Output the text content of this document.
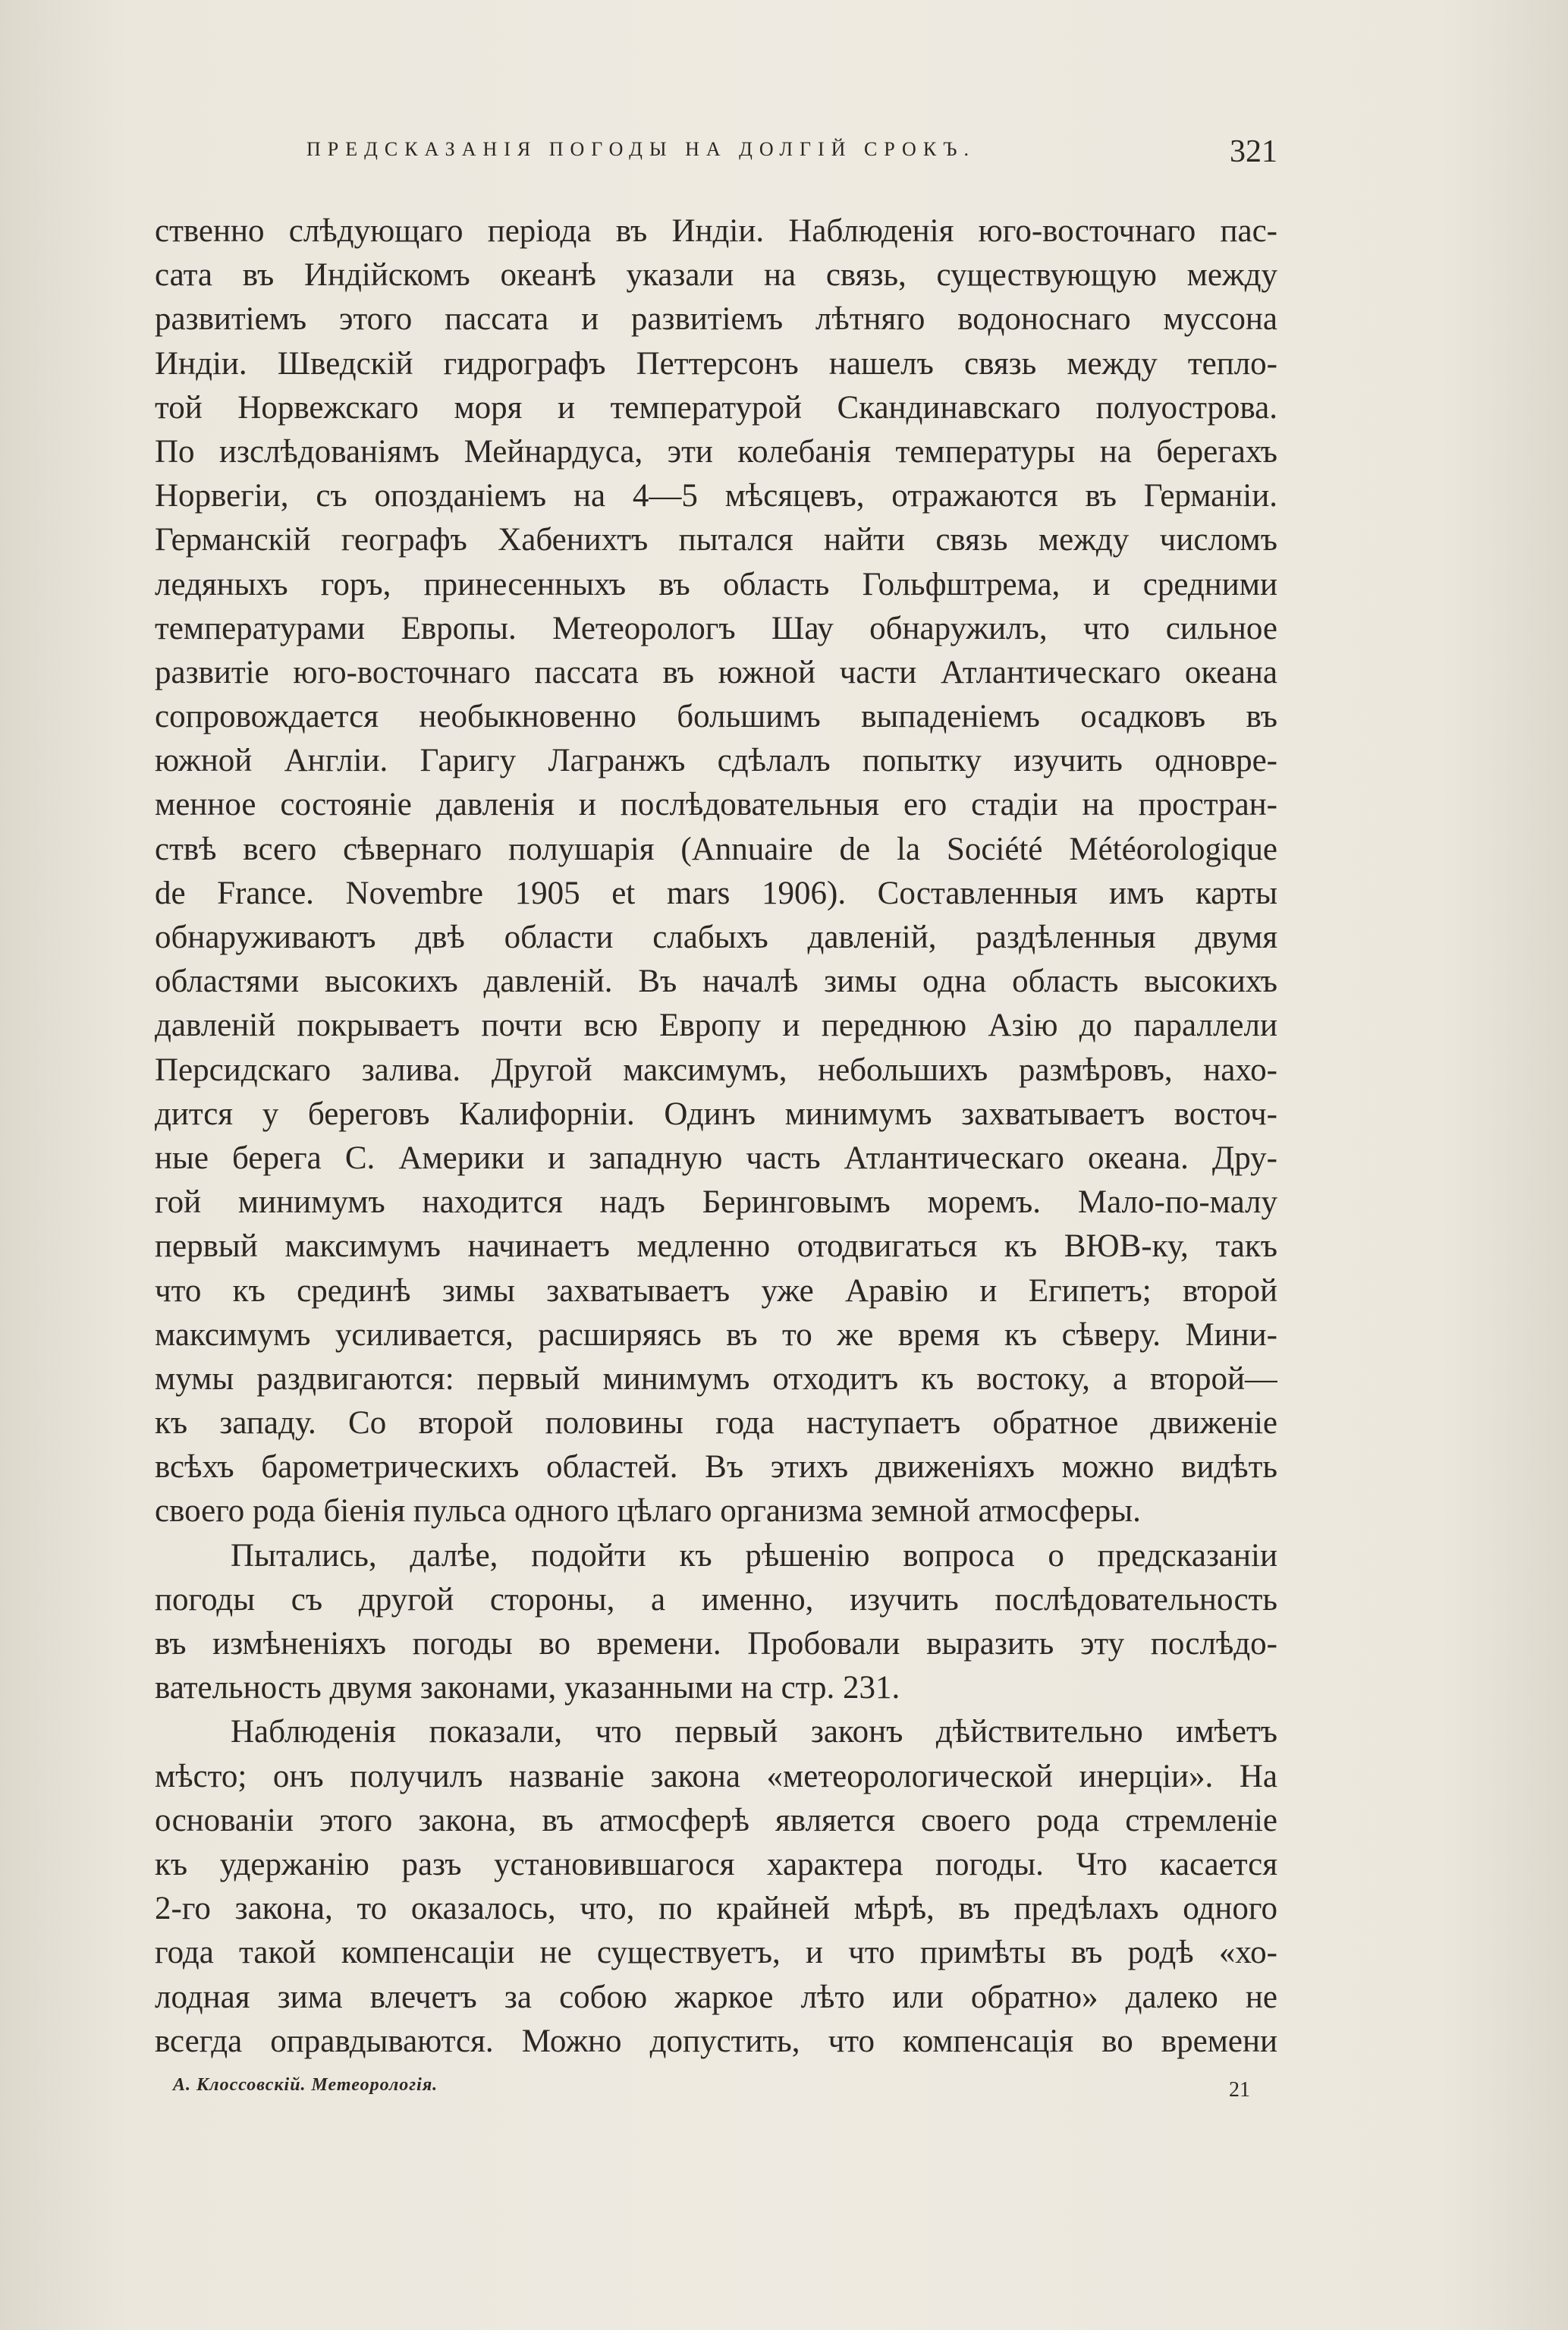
ПРЕДСКАЗАНІЯ ПОГОДЫ НА ДОЛГІЙ СРОКЪ.	321
ственно слѣдующаго періода въ Индіи. Наблюденія юго-восточнаго пас-
сата въ Индійскомъ океанѣ указали на связь, существующую между
развитіемъ этого пассата и развитіемъ лѣтняго водоноснаго муссона
Индіи. Шведскій гидрографъ Петтерсонъ нашелъ связь между тепло-
той Норвежскаго моря и температурой Скандинавскаго полуострова.
По изслѣдованіямъ Мейнардуса, эти колебанія температуры на берегахъ
Норвегіи, съ опозданіемъ на 4—5 мѣсяцевъ, отражаются въ Германіи.
Германскій географъ Хабенихтъ пытался найти связь между числомъ
ледяныхъ горъ, принесенныхъ въ область Гольфштрема, и средними
температурами Европы. Метеорологъ Шау обнаружилъ, что сильное
развитіе юго-восточнаго пассата въ южной части Атлантическаго океана
сопровождается необыкновенно большимъ выпаденіемъ осадковъ въ
южной Англіи. Гаригу Лагранжъ сдѣлалъ попытку изучить одновре-
менное состояніе давленія и послѣдовательныя его стадіи на простран-
ствѣ всего сѣвернаго полушарія (Annuaire de la Société Météorologique
de France. Novembre 1905 et mars 1906). Составленныя имъ карты
обнаруживаютъ двѣ области слабыхъ давленій, раздѣленныя двумя
областями высокихъ давленій. Въ началѣ зимы одна область высокихъ
давленій покрываетъ почти всю Европу и переднюю Азію до параллели
Персидскаго залива. Другой максимумъ, небольшихъ размѣровъ, нахо-
дится у береговъ Калифорніи. Одинъ минимумъ захватываетъ восточ-
ные берега С. Америки и западную часть Атлантическаго океана. Дру-
гой минимумъ находится надъ Беринговымъ моремъ. Мало-по-малу
первый максимумъ начинаетъ медленно отодвигаться къ ВЮВ-ку, такъ
что къ срединѣ зимы захватываетъ уже Аравію и Египетъ; второй
максимумъ усиливается, расширяясь въ то же время къ сѣверу. Мини-
мумы раздвигаются: первый минимумъ отходитъ къ востоку, а второй—
къ западу. Со второй половины года наступаетъ обратное движеніе
всѣхъ барометрическихъ областей. Въ этихъ движеніяхъ можно видѣть
своего рода біенія пульса одного цѣлаго организма земной атмосферы.
Пытались, далѣе, подойти къ рѣшенію вопроса о предсказаніи
погоды съ другой стороны, а именно, изучить послѣдовательность
въ измѣненіяхъ погоды во времени. Пробовали выразить эту послѣдо-
вательность двумя законами, указанными на стр. 231.
Наблюденія показали, что первый законъ дѣйствительно имѣетъ
мѣсто; онъ получилъ названіе закона «метеорологической инерціи». На
основаніи этого закона, въ атмосферѣ является своего рода стремленіе
къ удержанію разъ установившагося характера погоды. Что касается
2-го закона, то оказалось, что, по крайней мѣрѣ, въ предѣлахъ одного
года такой компенсаціи не существуетъ, и что примѣты въ родѣ «хо-
лодная зима влечетъ за собою жаркое лѣто или обратно» далеко не
всегда оправдываются. Можно допустить, что компенсація во времени
А. Клоссовскій. Метеорологія.	21
